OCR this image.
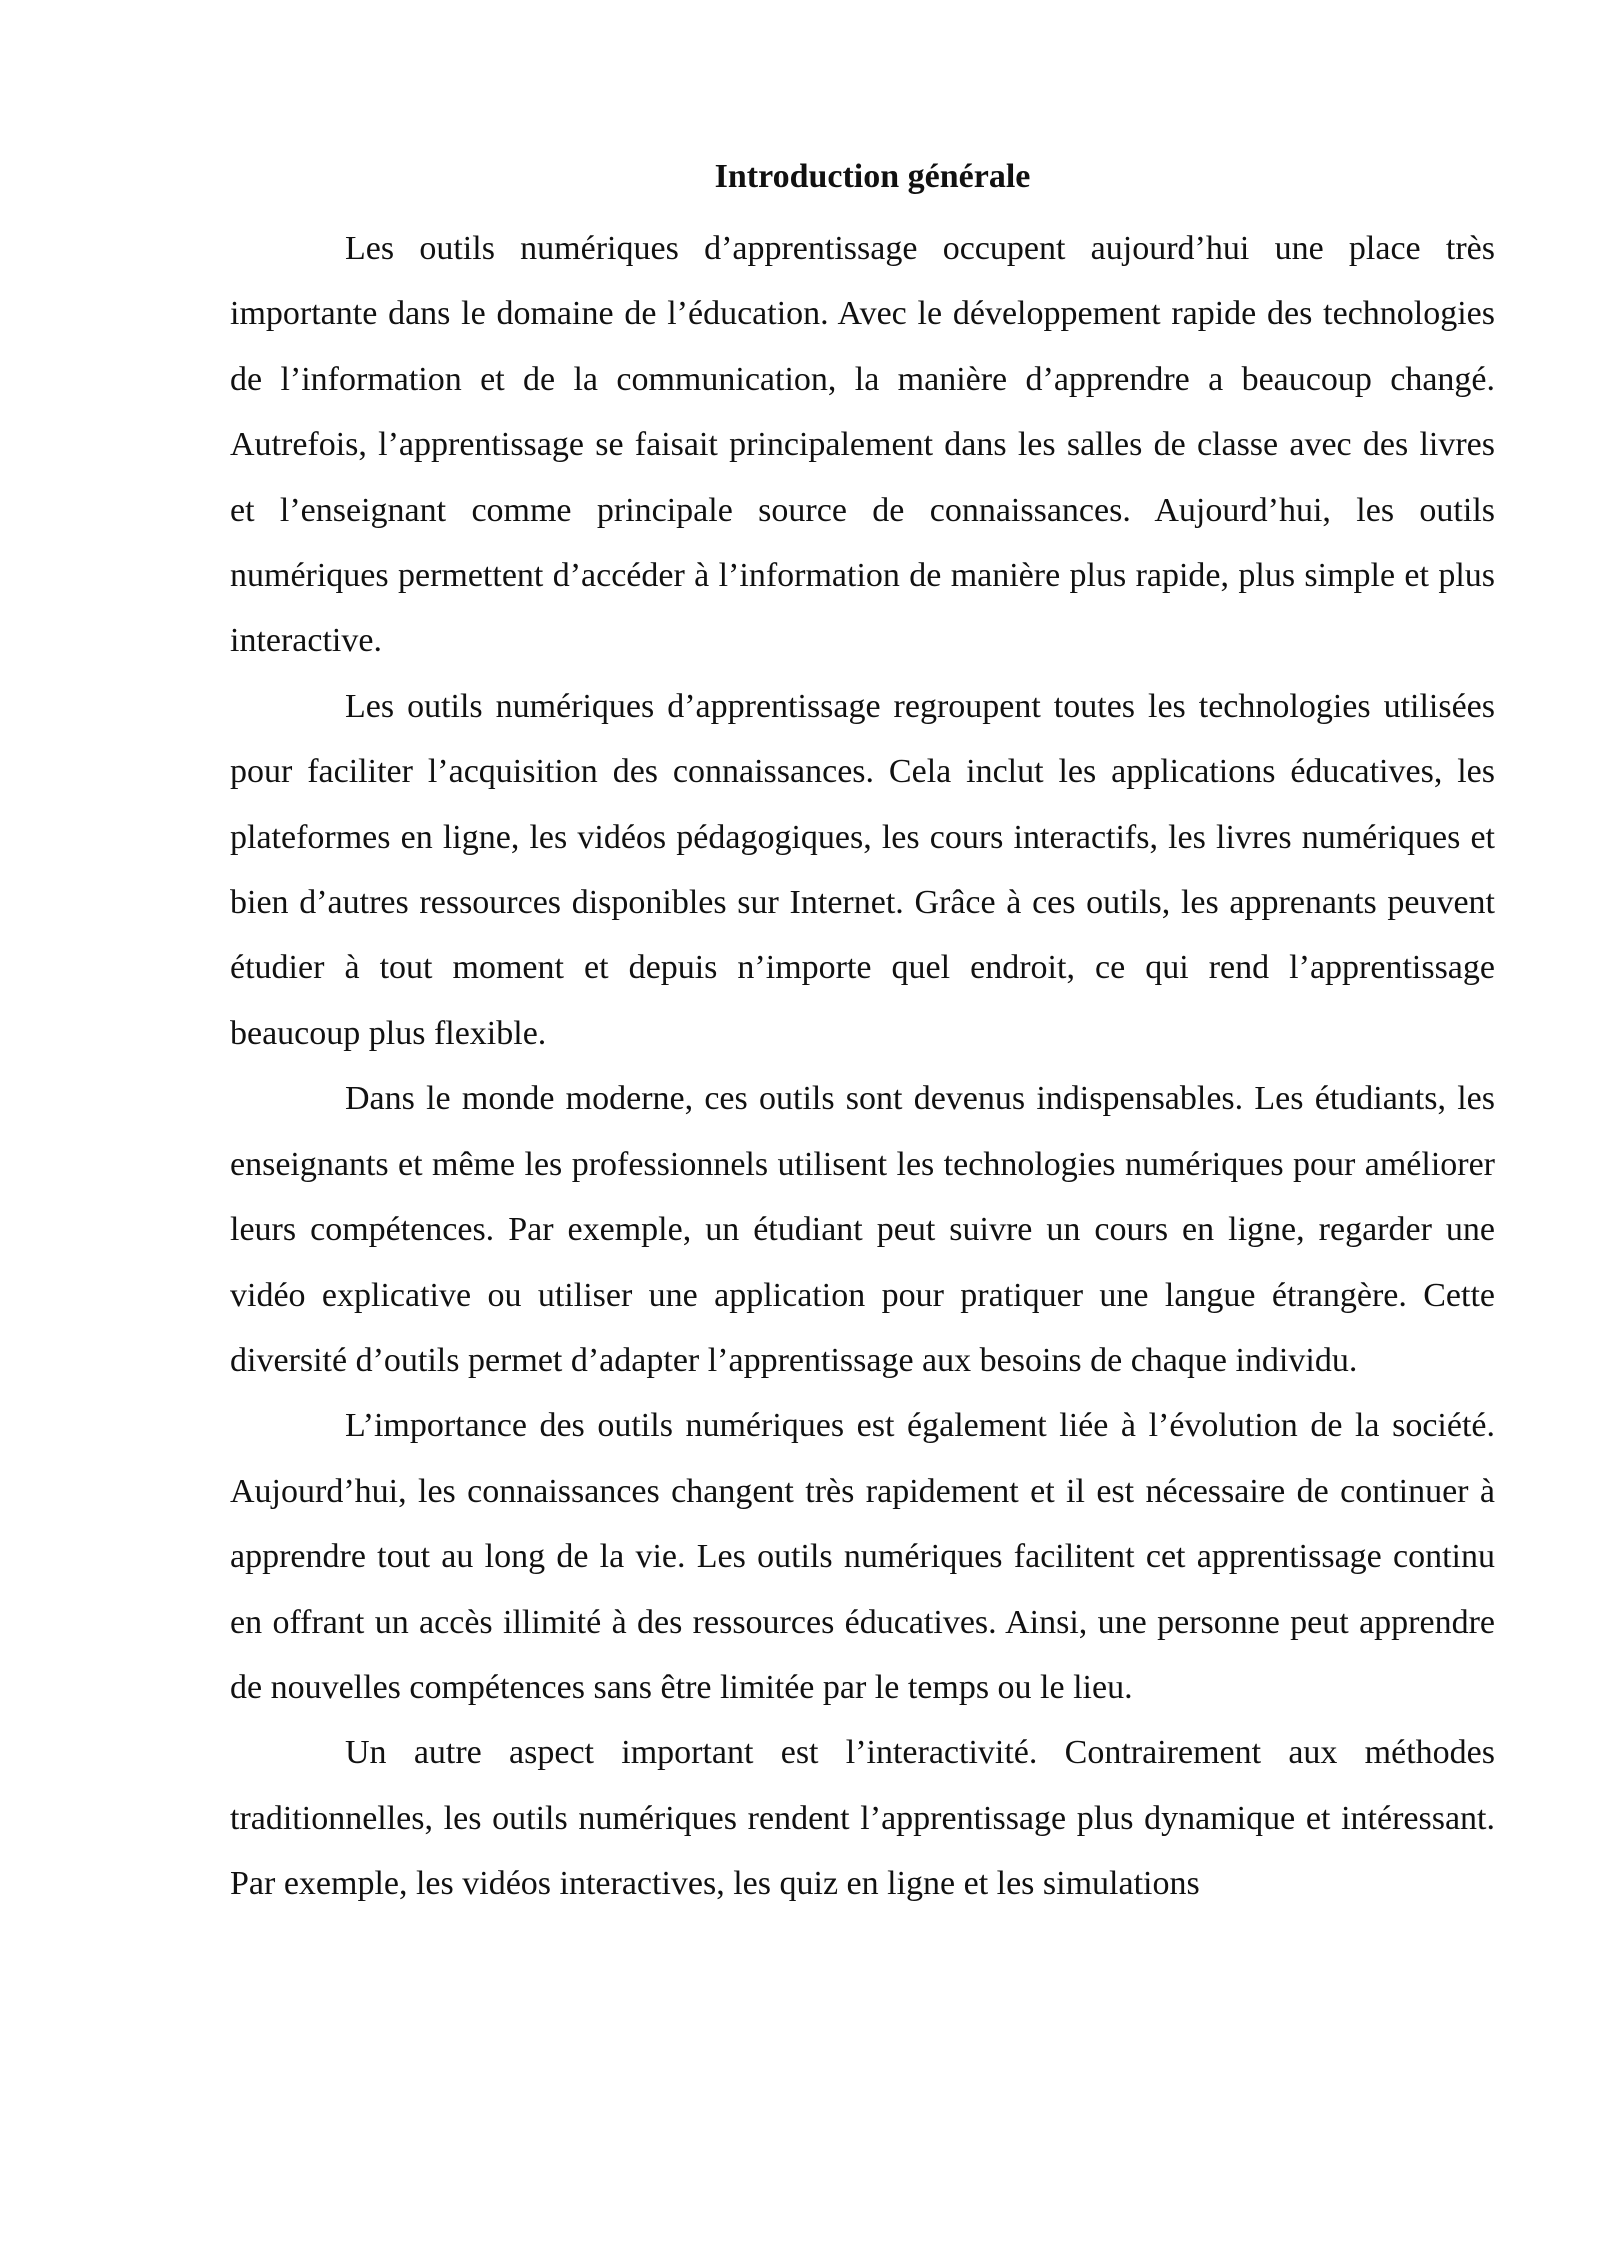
Introduction générale

Les outils numériques d’apprentissage occupent aujourd’hui une place très importante dans le domaine de l’éducation. Avec le développement rapide des technologies de l’information et de la communication, la manière d’apprendre a beaucoup changé. Autrefois, l’apprentissage se faisait principalement dans les salles de classe avec des livres et l’enseignant comme principale source de connaissances. Aujourd’hui, les outils numériques permettent d’accéder à l’information de manière plus rapide, plus simple et plus interactive.

Les outils numériques d’apprentissage regroupent toutes les technologies utilisées pour faciliter l’acquisition des connaissances. Cela inclut les applications éducatives, les plateformes en ligne, les vidéos pédagogiques, les cours interactifs, les livres numériques et bien d’autres ressources disponibles sur Internet. Grâce à ces outils, les apprenants peuvent étudier à tout moment et depuis n’importe quel endroit, ce qui rend l’apprentissage beaucoup plus flexible.

Dans le monde moderne, ces outils sont devenus indispensables. Les étudiants, les enseignants et même les professionnels utilisent les technologies numériques pour améliorer leurs compétences. Par exemple, un étudiant peut suivre un cours en ligne, regarder une vidéo explicative ou utiliser une application pour pratiquer une langue étrangère. Cette diversité d’outils permet d’adapter l’apprentissage aux besoins de chaque individu.

L’importance des outils numériques est également liée à l’évolution de la société. Aujourd’hui, les connaissances changent très rapidement et il est nécessaire de continuer à apprendre tout au long de la vie. Les outils numériques facilitent cet apprentissage continu en offrant un accès illimité à des ressources éducatives. Ainsi, une personne peut apprendre de nouvelles compétences sans être limitée par le temps ou le lieu.

Un autre aspect important est l’interactivité. Contrairement aux méthodes traditionnelles, les outils numériques rendent l’apprentissage plus dynamique et intéressant. Par exemple, les vidéos interactives, les quiz en ligne et les simulations
